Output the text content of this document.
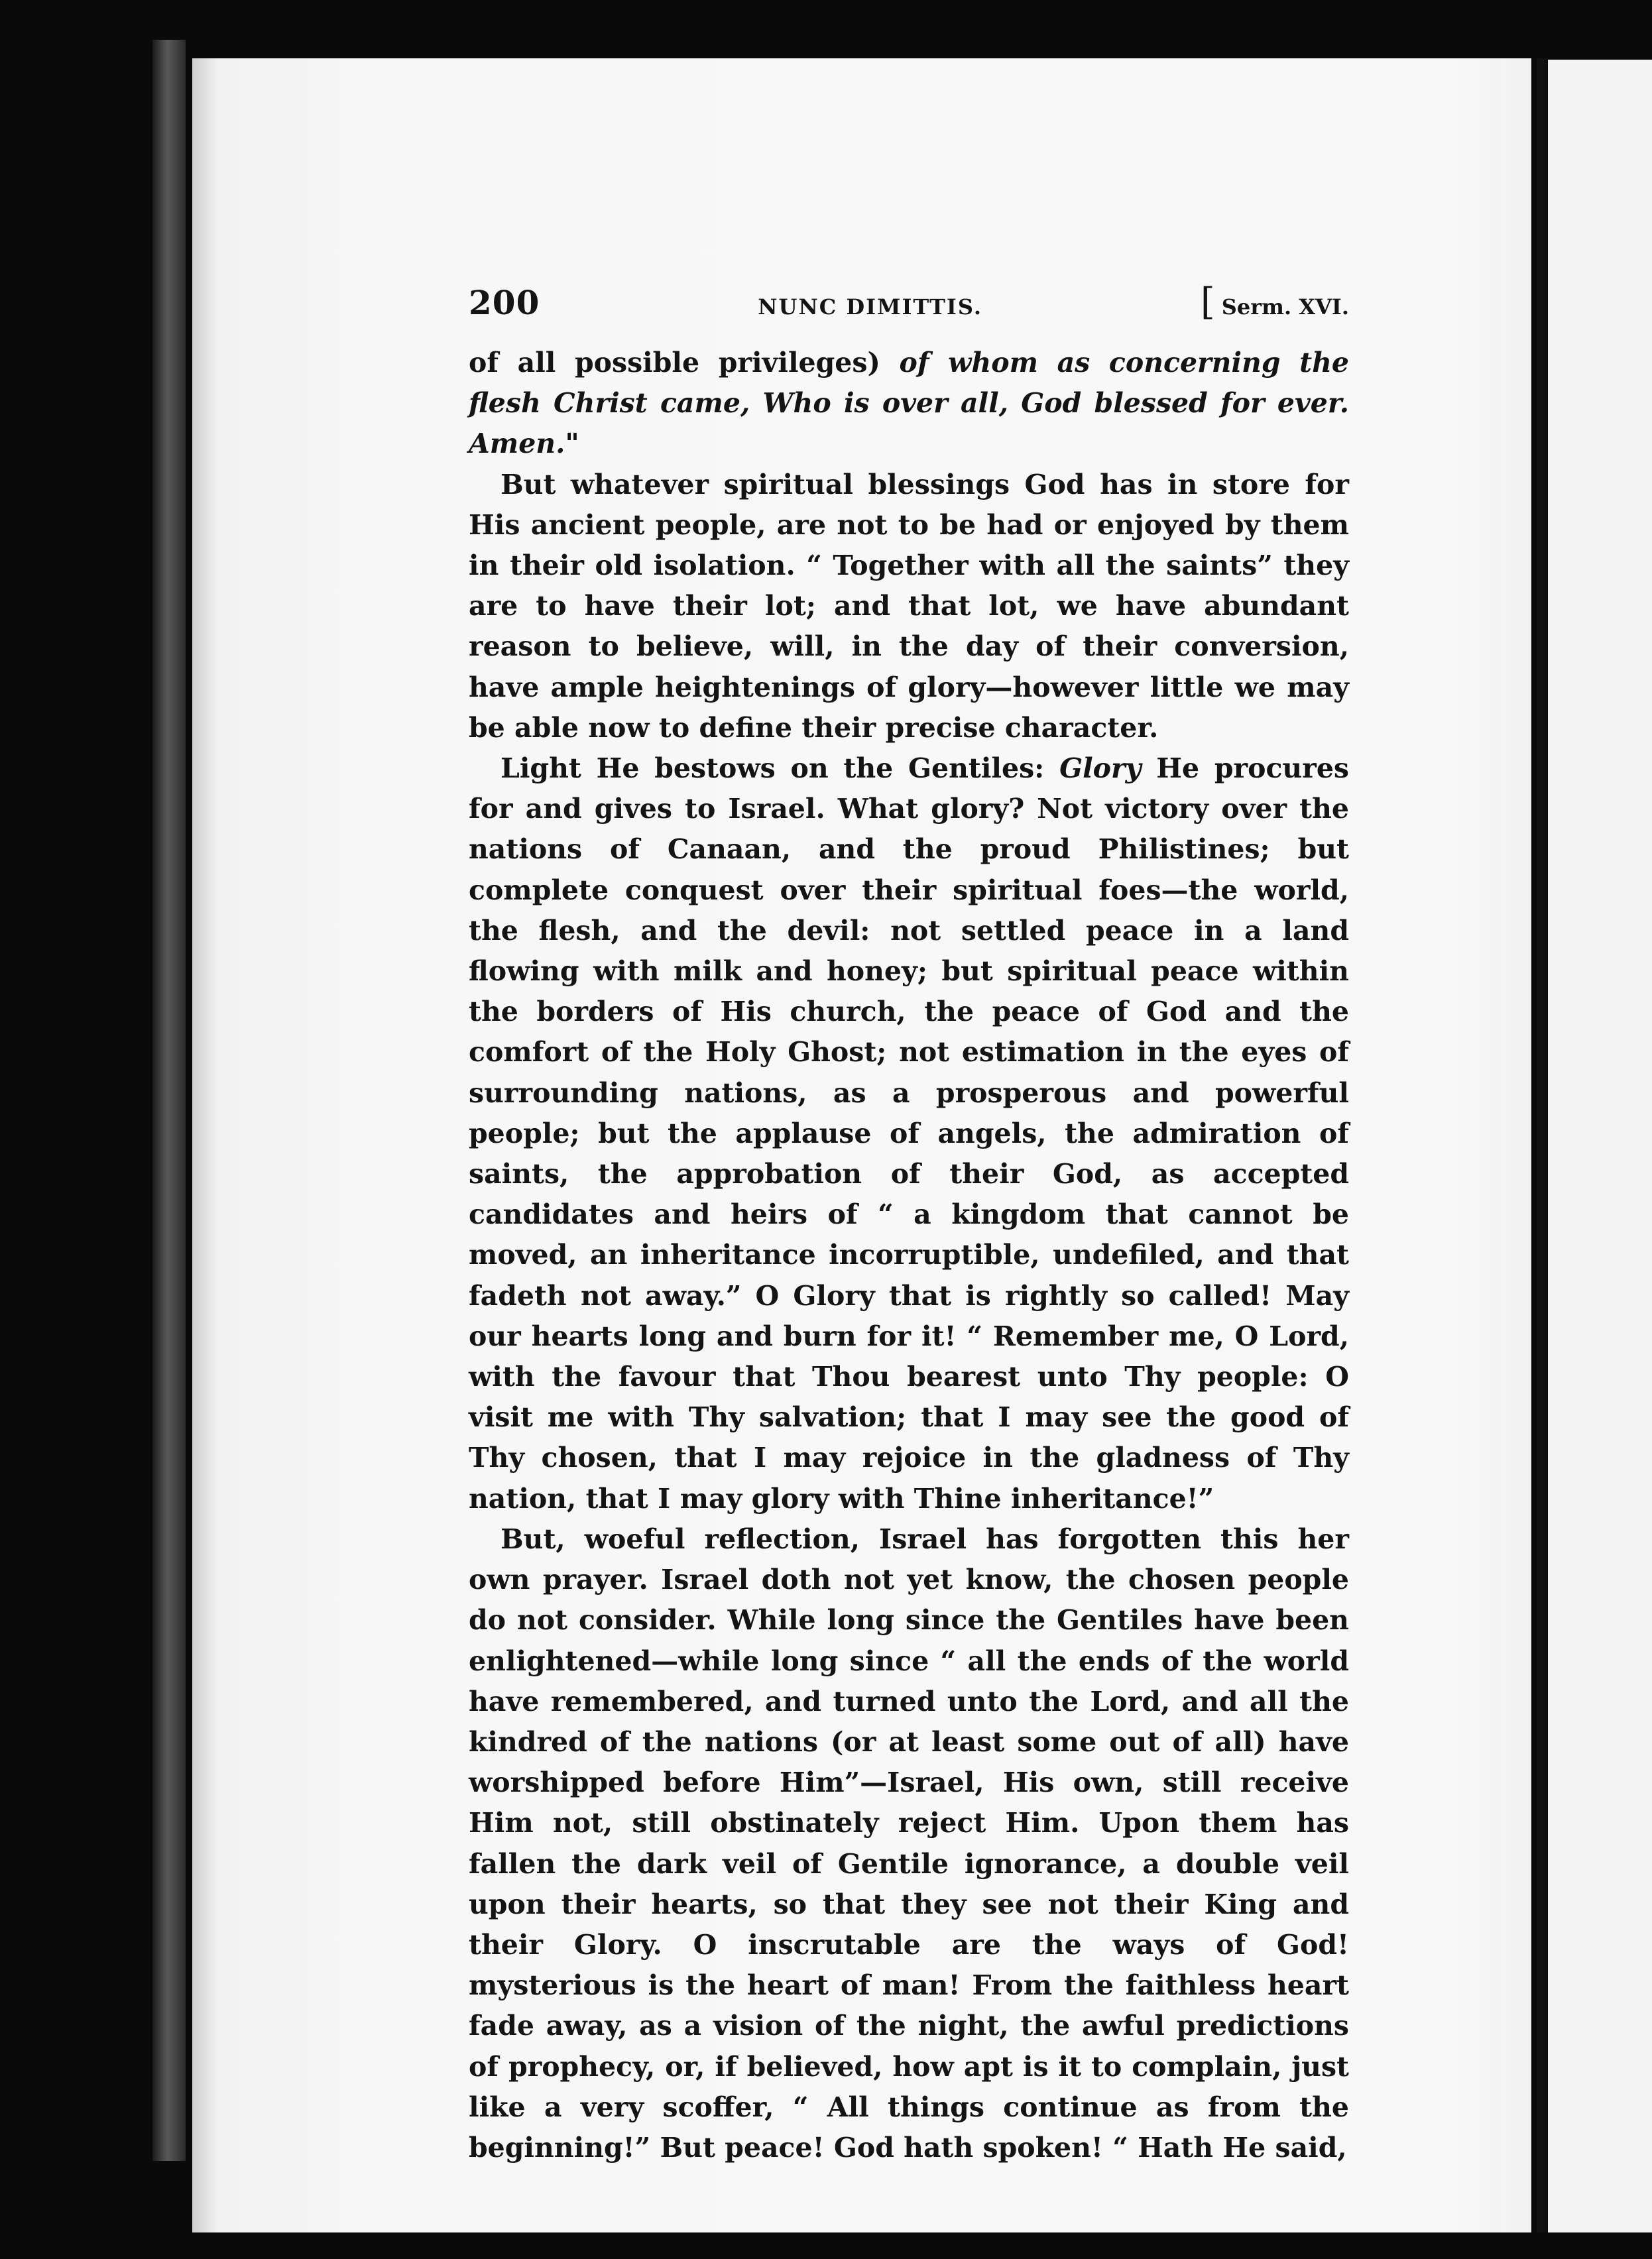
200	NUNC DIMITTIS.	[ Serm. XVI.

of all possible privileges) of whom as concerning the flesh Christ came, Who is over all, God blessed for ever. Amen."

But whatever spiritual blessings God has in store for His ancient people, are not to be had or enjoyed by them in their old isolation. “ Together with all the saints” they are to have their lot; and that lot, we have abundant reason to believe, will, in the day of their conversion, have ample heightenings of glory—however little we may be able now to define their precise character.

Light He bestows on the Gentiles: Glory He procures for and gives to Israel. What glory? Not victory over the nations of Canaan, and the proud Philistines; but complete conquest over their spiritual foes—the world, the flesh, and the devil: not settled peace in a land flowing with milk and honey; but spiritual peace within the borders of His church, the peace of God and the comfort of the Holy Ghost; not estimation in the eyes of surrounding nations, as a prosperous and powerful people; but the applause of angels, the admiration of saints, the approbation of their God, as accepted candidates and heirs of “ a kingdom that cannot be moved, an inheritance incorruptible, undefiled, and that fadeth not away.” O Glory that is rightly so called! May our hearts long and burn for it! “ Remember me, O Lord, with the favour that Thou bearest unto Thy people: O visit me with Thy salvation; that I may see the good of Thy chosen, that I may rejoice in the gladness of Thy nation, that I may glory with Thine inheritance!”

But, woeful reflection, Israel has forgotten this her own prayer. Israel doth not yet know, the chosen people do not consider. While long since the Gentiles have been enlightened—while long since “ all the ends of the world have remembered, and turned unto the Lord, and all the kindred of the nations (or at least some out of all) have worshipped before Him”—Israel, His own, still receive Him not, still obstinately reject Him. Upon them has fallen the dark veil of Gentile ignorance, a double veil upon their hearts, so that they see not their King and their Glory. O inscrutable are the ways of God! mysterious is the heart of man! From the faithless heart fade away, as a vision of the night, the awful predictions of prophecy, or, if believed, how apt is it to complain, just like a very scoffer, “ All things continue as from the beginning!” But peace! God hath spoken! “ Hath He said,
